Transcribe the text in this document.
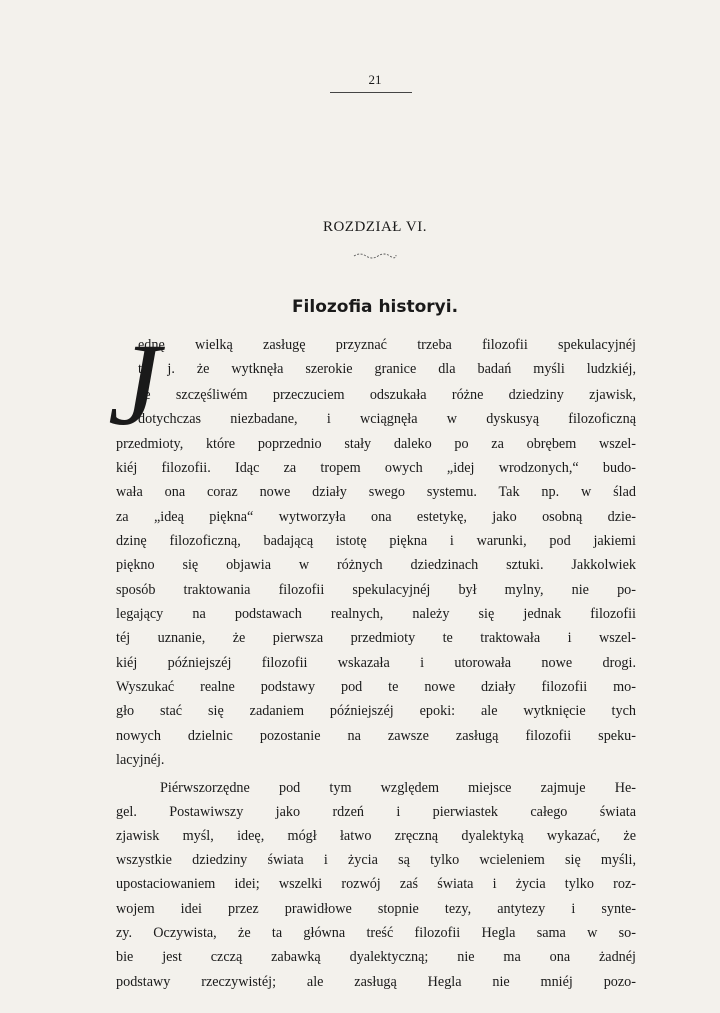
21
ROZDZIAŁ VI.
Filozofia historyi.
J
ednę wielką zasługę przyznać trzeba filozofii spekulacyjnéj
t. j. że wytknęła szerokie granice dla badań myśli ludzkiéj,
że szczęśliwém przeczuciem odszukała różne dziedziny zjawisk,
dotychczas niezbadane, i wciągnęła w dyskusyą filozoficzną
przedmioty, które poprzednio stały daleko po za obrębem wszel-
kiéj filozofii. Idąc za tropem owych „idej wrodzonych,“ budo-
wała ona coraz nowe działy swego systemu. Tak np. w ślad
za „ideą piękna“ wytworzyła ona estetykę, jako osobną dzie-
dzinę filozoficzną, badającą istotę piękna i warunki, pod jakiemi
piękno się objawia w różnych dziedzinach sztuki. Jakkolwiek
sposób traktowania filozofii spekulacyjnéj był mylny, nie po-
legający na podstawach realnych, należy się jednak filozofii
téj uznanie, że pierwsza przedmioty te traktowała i wszel-
kiéj późniejszéj filozofii wskazała i utorowała nowe drogi.
Wyszukać realne podstawy pod te nowe działy filozofii mo-
gło stać się zadaniem późniejszéj epoki: ale wytknięcie tych
nowych dzielnic pozostanie na zawsze zasługą filozofii speku-
lacyjnéj.
Piérwszorzędne pod tym względem miejsce zajmuje He-
gel. Postawiwszy jako rdzeń i pierwiastek całego świata
zjawisk myśl, ideę, mógł łatwo zręczną dyalektyką wykazać, że
wszystkie dziedziny świata i życia są tylko wcieleniem się myśli,
upostaciowaniem idei; wszelki rozwój zaś świata i życia tylko roz-
wojem idei przez prawidłowe stopnie tezy, antytezy i synte-
zy. Oczywista, że ta główna treść filozofii Hegla sama w so-
bie jest czczą zabawką dyalektyczną; nie ma ona żadnéj
podstawy rzeczywistéj; ale zasługą Hegla nie mniéj pozo-
